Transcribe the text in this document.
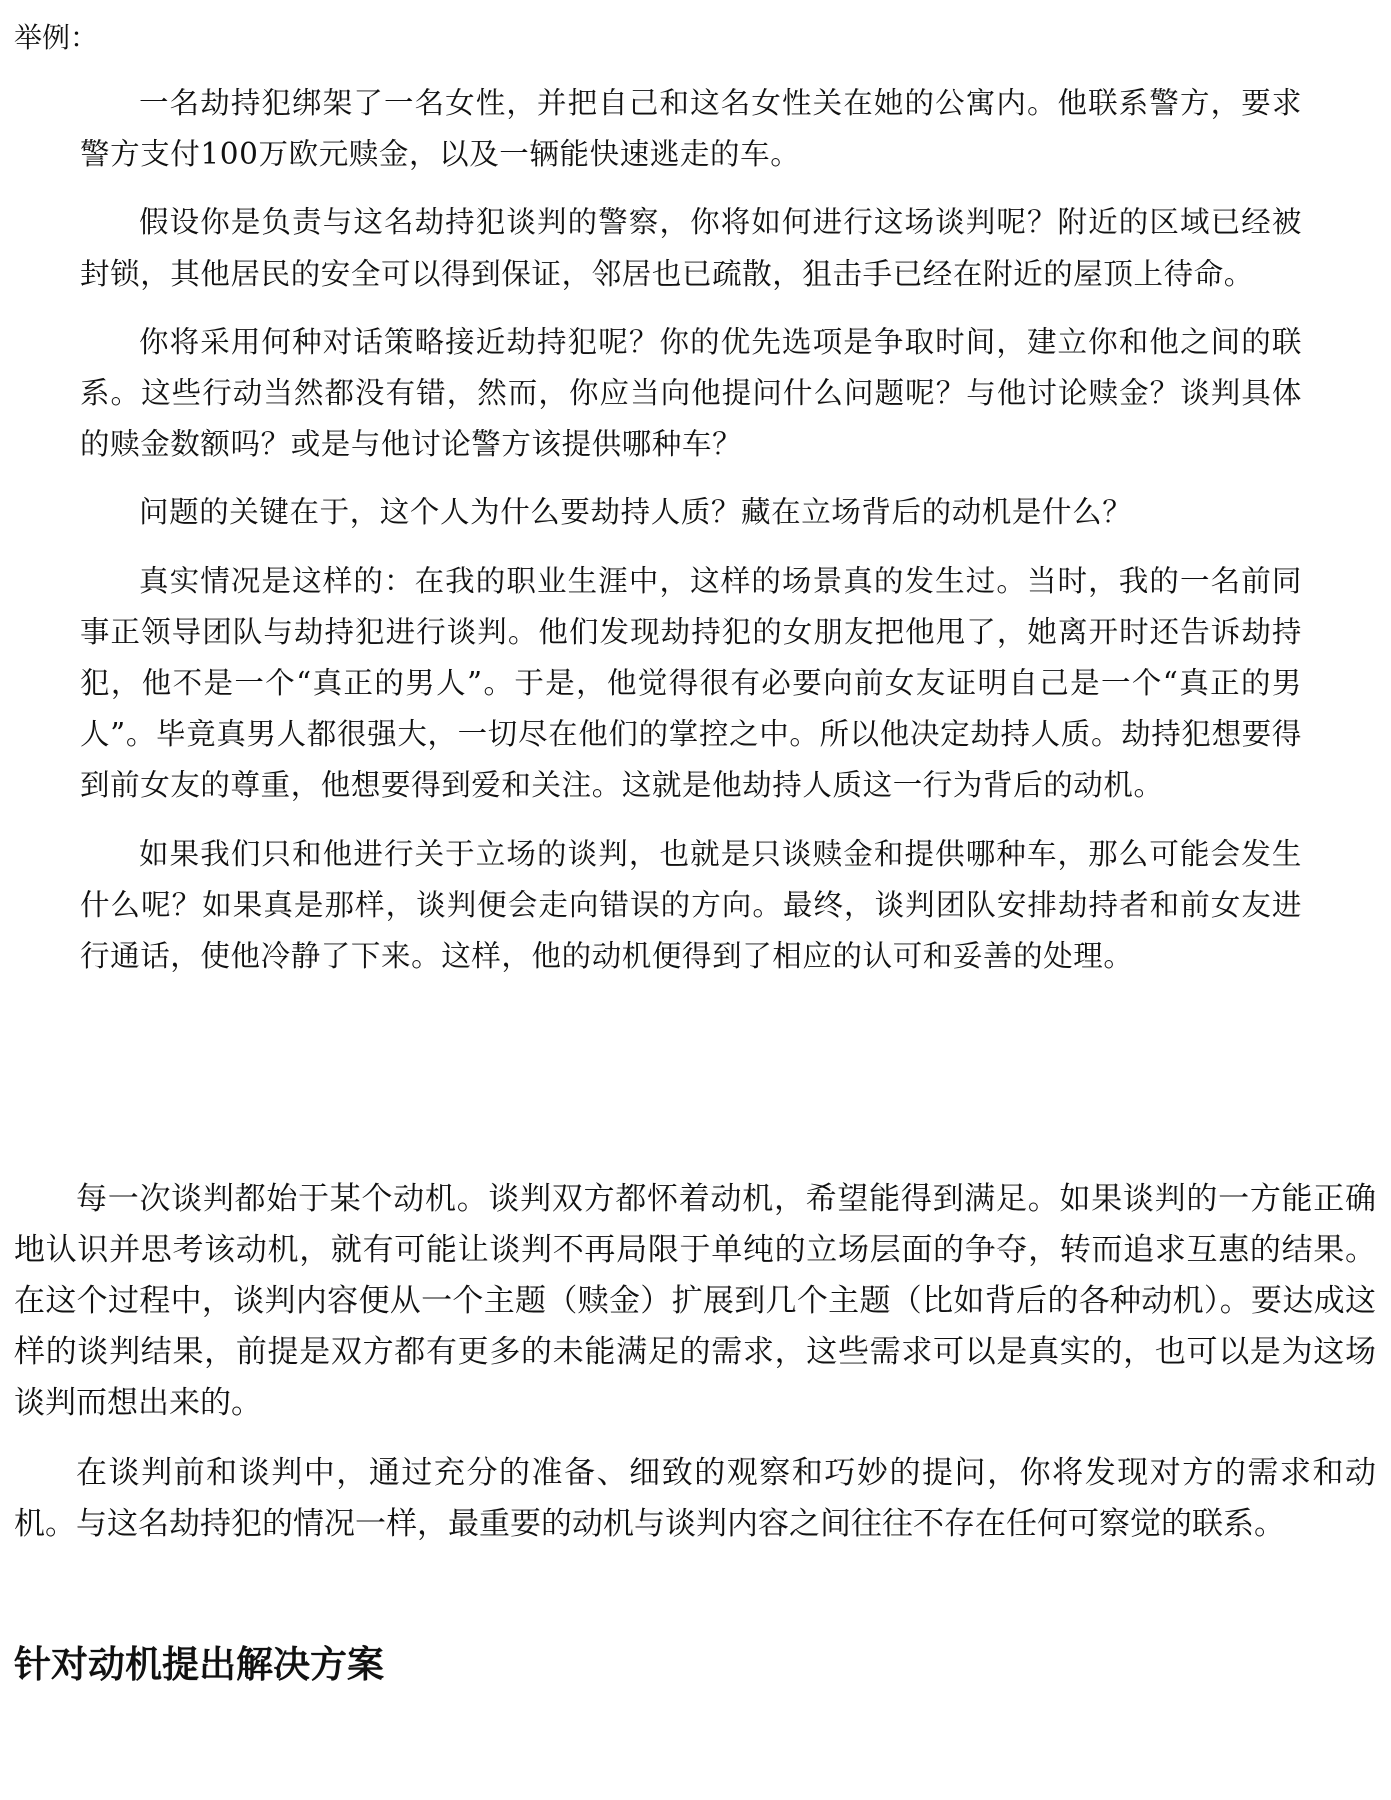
举例：

一名劫持犯绑架了一名女性，并把自己和这名女性关在她的公寓内。他联系警方，要求警方支付100万欧元赎金，以及一辆能快速逃走的车。

假设你是负责与这名劫持犯谈判的警察，你将如何进行这场谈判呢？附近的区域已经被封锁，其他居民的安全可以得到保证，邻居也已疏散，狙击手已经在附近的屋顶上待命。

你将采用何种对话策略接近劫持犯呢？你的优先选项是争取时间，建立你和他之间的联系。这些行动当然都没有错，然而，你应当向他提问什么问题呢？与他讨论赎金？谈判具体的赎金数额吗？或是与他讨论警方该提供哪种车？

问题的关键在于，这个人为什么要劫持人质？藏在立场背后的动机是什么？

真实情况是这样的：在我的职业生涯中，这样的场景真的发生过。当时，我的一名前同事正领导团队与劫持犯进行谈判。他们发现劫持犯的女朋友把他甩了，她离开时还告诉劫持犯，他不是一个“真正的男人”。于是，他觉得很有必要向前女友证明自己是一个“真正的男人”。毕竟真男人都很强大，一切尽在他们的掌控之中。所以他决定劫持人质。劫持犯想要得到前女友的尊重，他想要得到爱和关注。这就是他劫持人质这一行为背后的动机。

如果我们只和他进行关于立场的谈判，也就是只谈赎金和提供哪种车，那么可能会发生什么呢？如果真是那样，谈判便会走向错误的方向。最终，谈判团队安排劫持者和前女友进行通话，使他冷静了下来。这样，他的动机便得到了相应的认可和妥善的处理。

每一次谈判都始于某个动机。谈判双方都怀着动机，希望能得到满足。如果谈判的一方能正确地认识并思考该动机，就有可能让谈判不再局限于单纯的立场层面的争夺，转而追求互惠的结果。在这个过程中，谈判内容便从一个主题（赎金）扩展到几个主题（比如背后的各种动机）。要达成这样的谈判结果，前提是双方都有更多的未能满足的需求，这些需求可以是真实的，也可以是为这场谈判而想出来的。

在谈判前和谈判中，通过充分的准备、细致的观察和巧妙的提问，你将发现对方的需求和动机。与这名劫持犯的情况一样，最重要的动机与谈判内容之间往往不存在任何可察觉的联系。

针对动机提出解决方案
